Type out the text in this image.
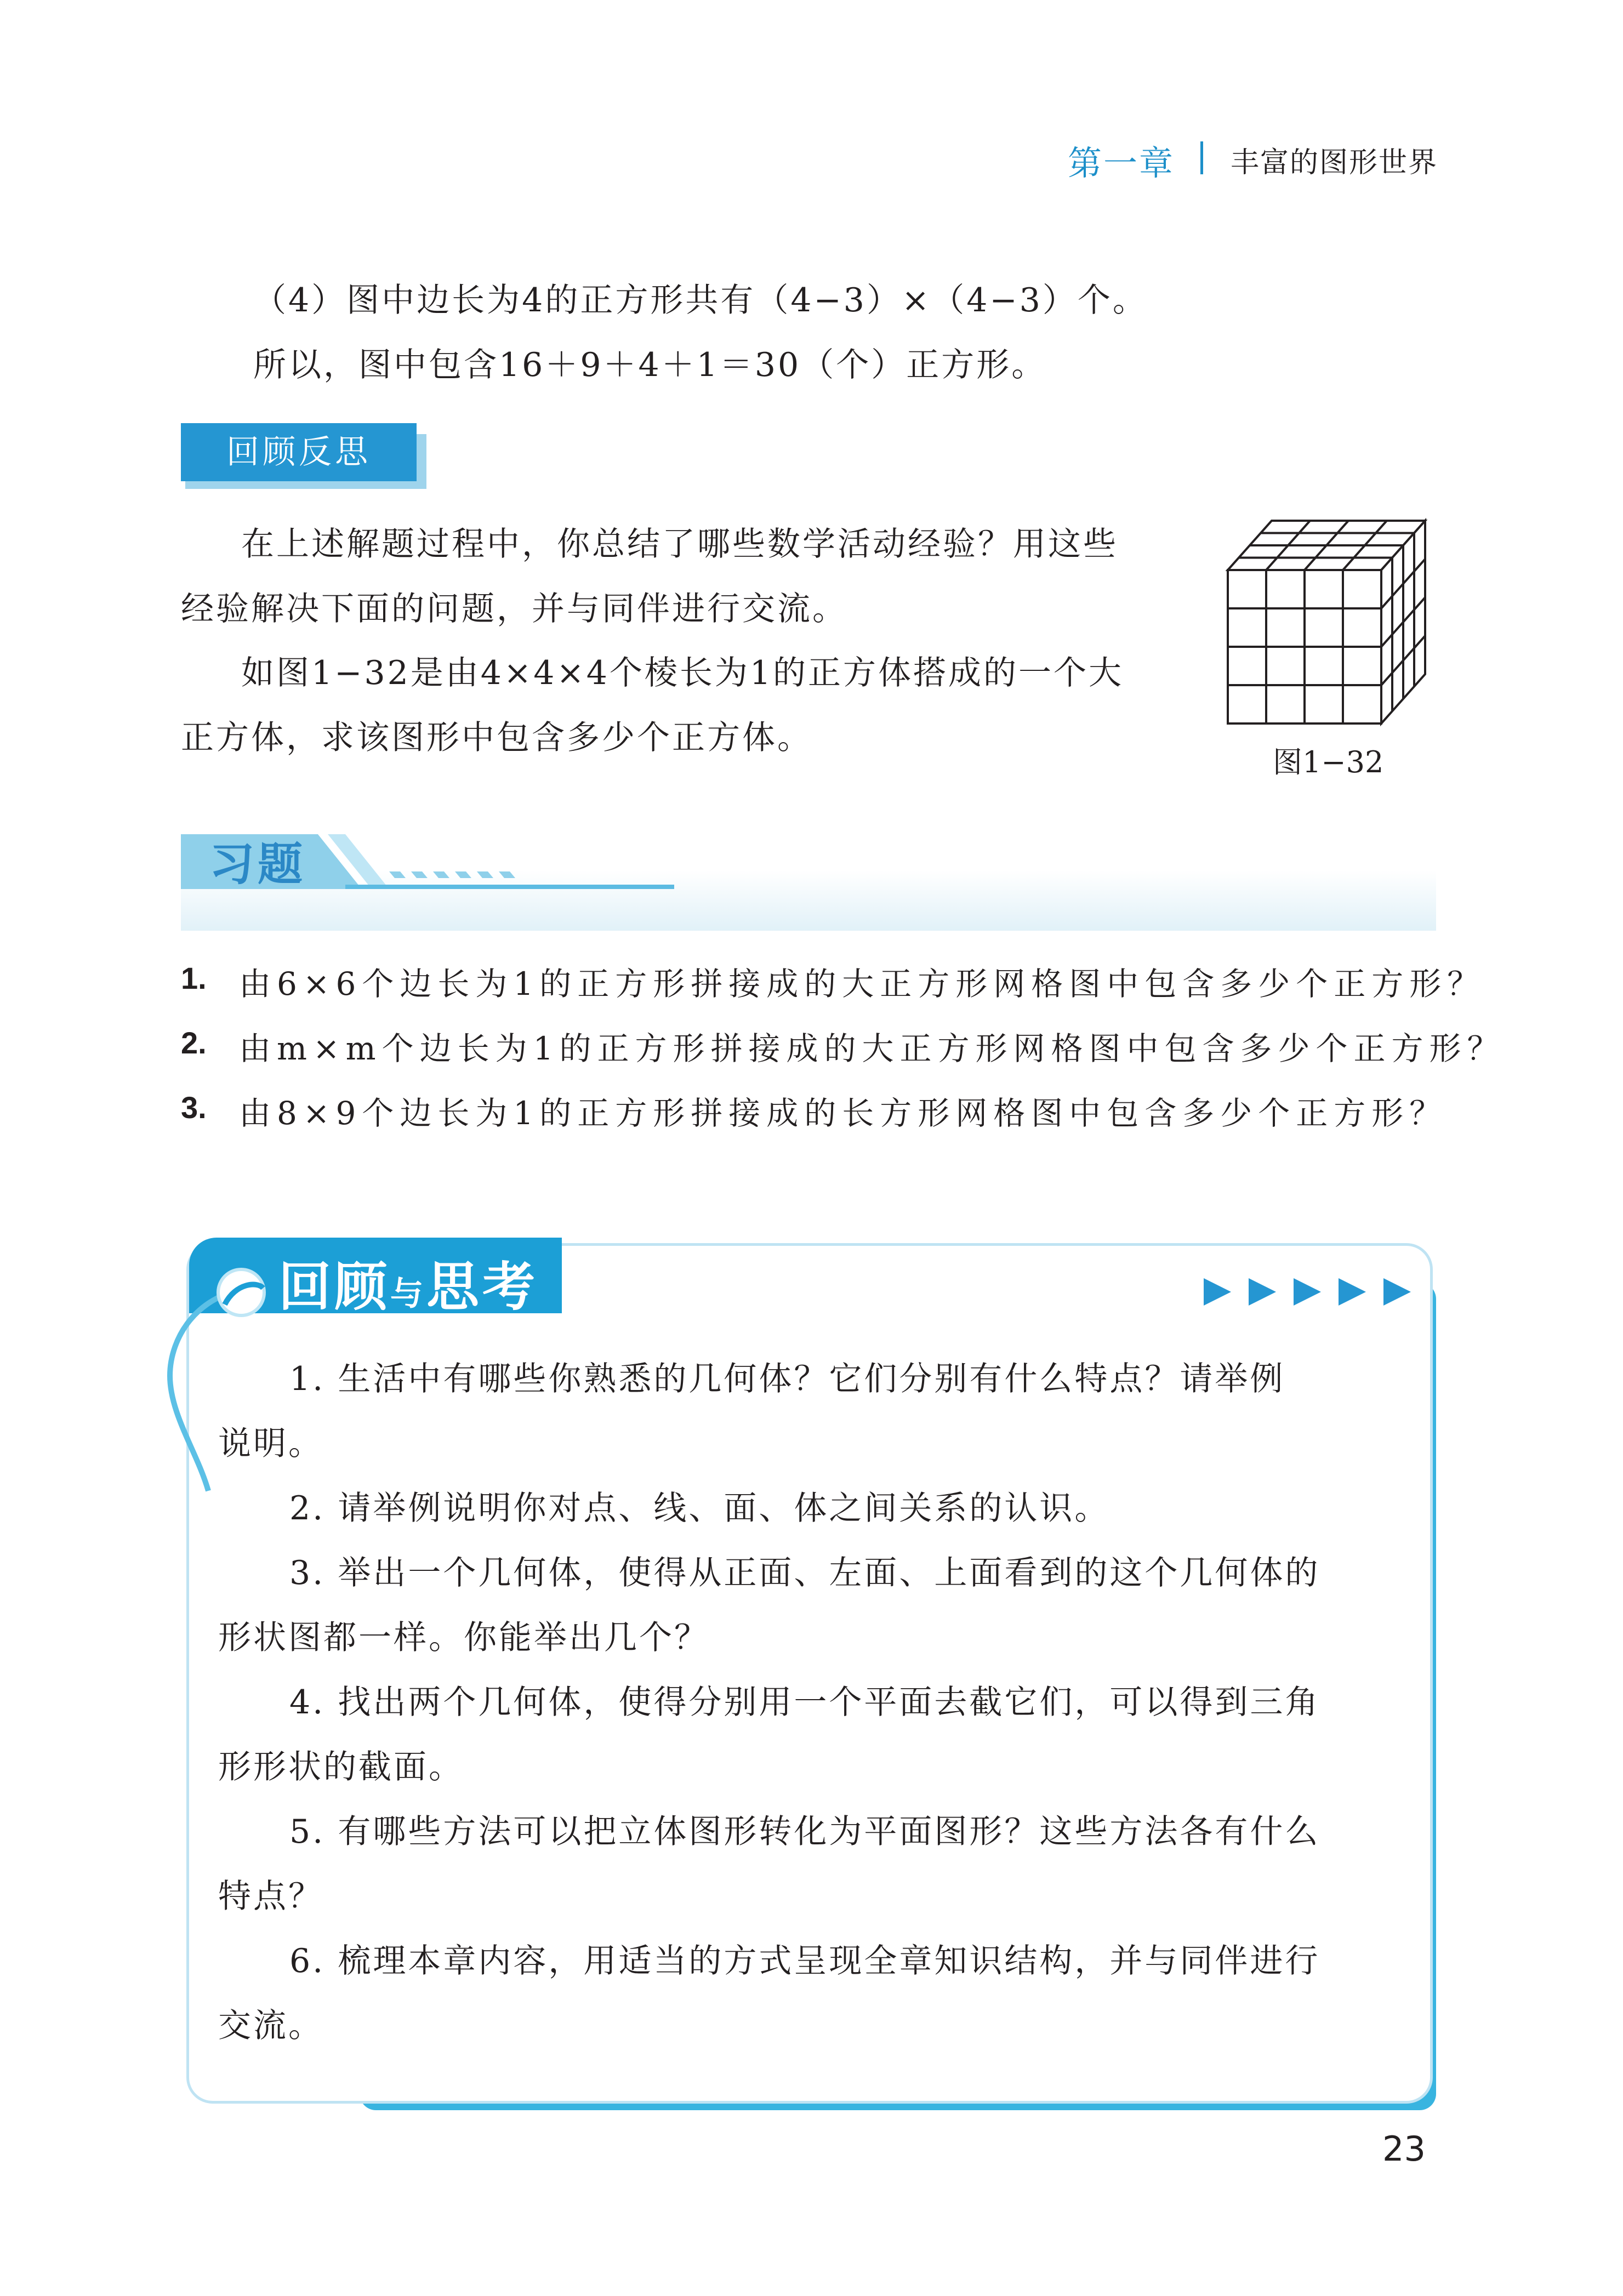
第一章 丰富的图形世界
（4）图中边长为4的正方形共有（4−3）×（4−3）个。
所以，图中包含16＋9＋4＋1＝30（个）正方形。
回顾反思
在上述解题过程中，你总结了哪些数学活动经验？用这些
经验解决下面的问题，并与同伴进行交流。
如图1−32是由4×4×4个棱长为1的正方体搭成的一个大
正方体，求该图形中包含多少个正方体。
图1−32
习题
1. 由6×6个边长为1的正方形拼接成的大正方形网格图中包含多少个正方形？
2. 由m×m个边长为1的正方形拼接成的大正方形网格图中包含多少个正方形？
3. 由8×9个边长为1的正方形拼接成的长方形网格图中包含多少个正方形？
回顾与思考
1. 生活中有哪些你熟悉的几何体？它们分别有什么特点？请举例
说明。
2. 请举例说明你对点、线、面、体之间关系的认识。
3. 举出一个几何体，使得从正面、左面、上面看到的这个几何体的
形状图都一样。你能举出几个？
4. 找出两个几何体，使得分别用一个平面去截它们，可以得到三角
形形状的截面。
5. 有哪些方法可以把立体图形转化为平面图形？这些方法各有什么
特点？
6. 梳理本章内容，用适当的方式呈现全章知识结构，并与同伴进行
交流。
23
